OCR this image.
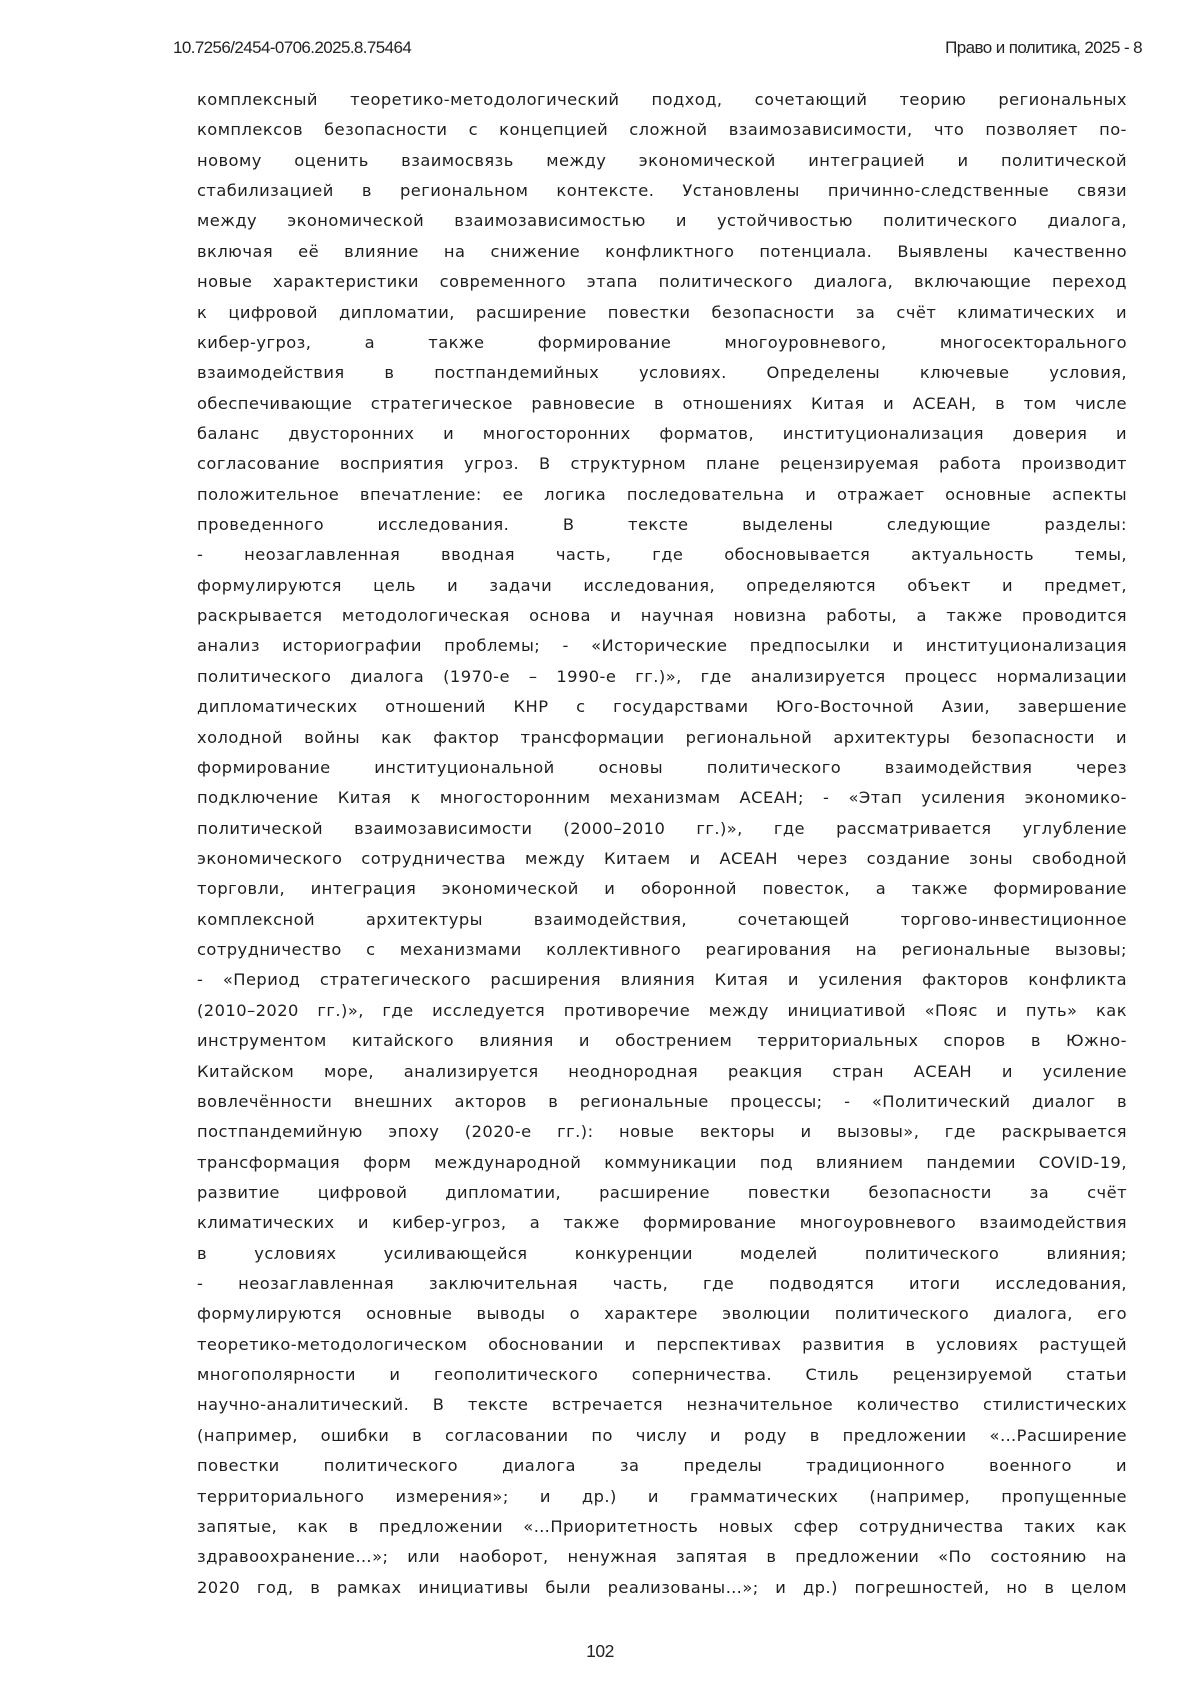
10.7256/2454-0706.2025.8.75464	Право и политика, 2025 - 8
комплексный теоретико-методологический подход, сочетающий теорию региональных
комплексов безопасности с концепцией сложной взаимозависимости, что позволяет по-
новому оценить взаимосвязь между экономической интеграцией и политической
стабилизацией в региональном контексте. Установлены причинно-следственные связи
между экономической взаимозависимостью и устойчивостью политического диалога,
включая её влияние на снижение конфликтного потенциала. Выявлены качественно
новые характеристики современного этапа политического диалога, включающие переход
к цифровой дипломатии, расширение повестки безопасности за счёт климатических и
кибер-угроз, а также формирование многоуровневого, многосекторального
взаимодействия в постпандемийных условиях. Определены ключевые условия,
обеспечивающие стратегическое равновесие в отношениях Китая и АСЕАН, в том числе
баланс двусторонних и многосторонних форматов, институционализация доверия и
согласование восприятия угроз. В структурном плане рецензируемая работа производит
положительное впечатление: ее логика последовательна и отражает основные аспекты
проведенного исследования. В тексте выделены следующие разделы:
- неозаглавленная вводная часть, где обосновывается актуальность темы,
формулируются цель и задачи исследования, определяются объект и предмет,
раскрывается методологическая основа и научная новизна работы, а также проводится
анализ историографии проблемы; - «Исторические предпосылки и институционализация
политического диалога (1970-е – 1990-е гг.)», где анализируется процесс нормализации
дипломатических отношений КНР с государствами Юго-Восточной Азии, завершение
холодной войны как фактор трансформации региональной архитектуры безопасности и
формирование институциональной основы политического взаимодействия через
подключение Китая к многосторонним механизмам АСЕАН; - «Этап усиления экономико-
политической взаимозависимости (2000–2010 гг.)», где рассматривается углубление
экономического сотрудничества между Китаем и АСЕАН через создание зоны свободной
торговли, интеграция экономической и оборонной повесток, а также формирование
комплексной архитектуры взаимодействия, сочетающей торгово-инвестиционное
сотрудничество с механизмами коллективного реагирования на региональные вызовы;
- «Период стратегического расширения влияния Китая и усиления факторов конфликта
(2010–2020 гг.)», где исследуется противоречие между инициативой «Пояс и путь» как
инструментом китайского влияния и обострением территориальных споров в Южно-
Китайском море, анализируется неоднородная реакция стран АСЕАН и усиление
вовлечённости внешних акторов в региональные процессы; - «Политический диалог в
постпандемийную эпоху (2020-е гг.): новые векторы и вызовы», где раскрывается
трансформация форм международной коммуникации под влиянием пандемии COVID-19,
развитие цифровой дипломатии, расширение повестки безопасности за счёт
климатических и кибер-угроз, а также формирование многоуровневого взаимодействия
в условиях усиливающейся конкуренции моделей политического влияния;
- неозаглавленная заключительная часть, где подводятся итоги исследования,
формулируются основные выводы о характере эволюции политического диалога, его
теоретико-методологическом обосновании и перспективах развития в условиях растущей
многополярности и геополитического соперничества. Стиль рецензируемой статьи
научно-аналитический. В тексте встречается незначительное количество стилистических
(например, ошибки в согласовании по числу и роду в предложении «…Расширение
повестки политического диалога за пределы традиционного военного и
территориального измерения»; и др.) и грамматических (например, пропущенные
запятые, как в предложении «…Приоритетность новых сфер сотрудничества таких как
здравоохранение…»; или наоборот, ненужная запятая в предложении «По состоянию на
2020 год, в рамках инициативы были реализованы…»; и др.) погрешностей, но в целом
102
